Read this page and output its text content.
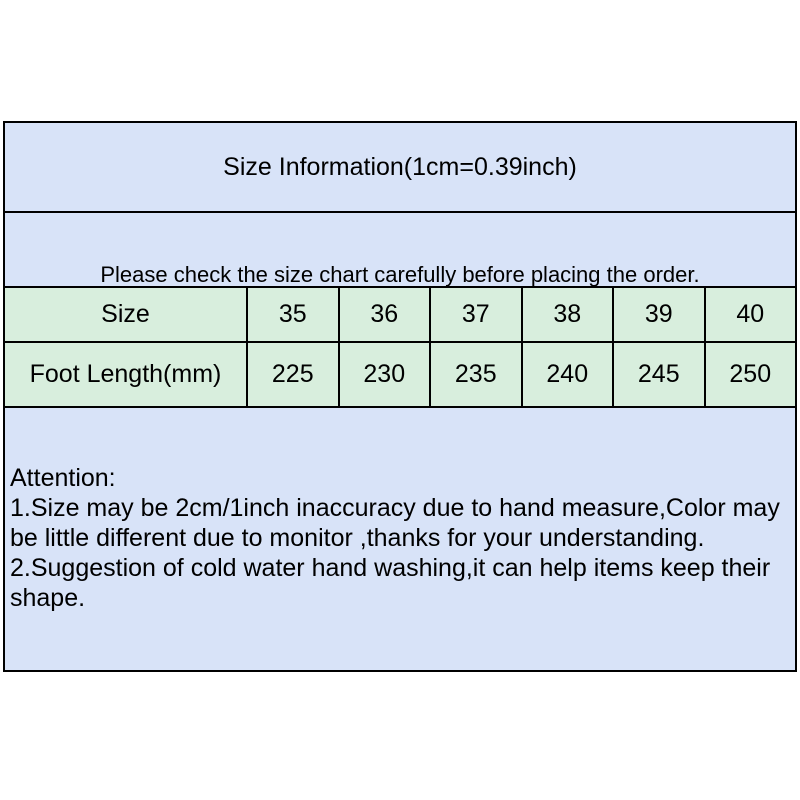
Size Information(1cm=0.39inch)
Please check the size chart carefully before placing the order.
Size	35	36	37	38	39	40
Foot Length(mm)	225	230	235	240	245	250
Attention:
1.Size may be 2cm/1inch inaccuracy due to hand measure,Color may
be little different due to monitor ,thanks for your understanding.
2.Suggestion of cold water hand washing,it can help items keep their
shape.
